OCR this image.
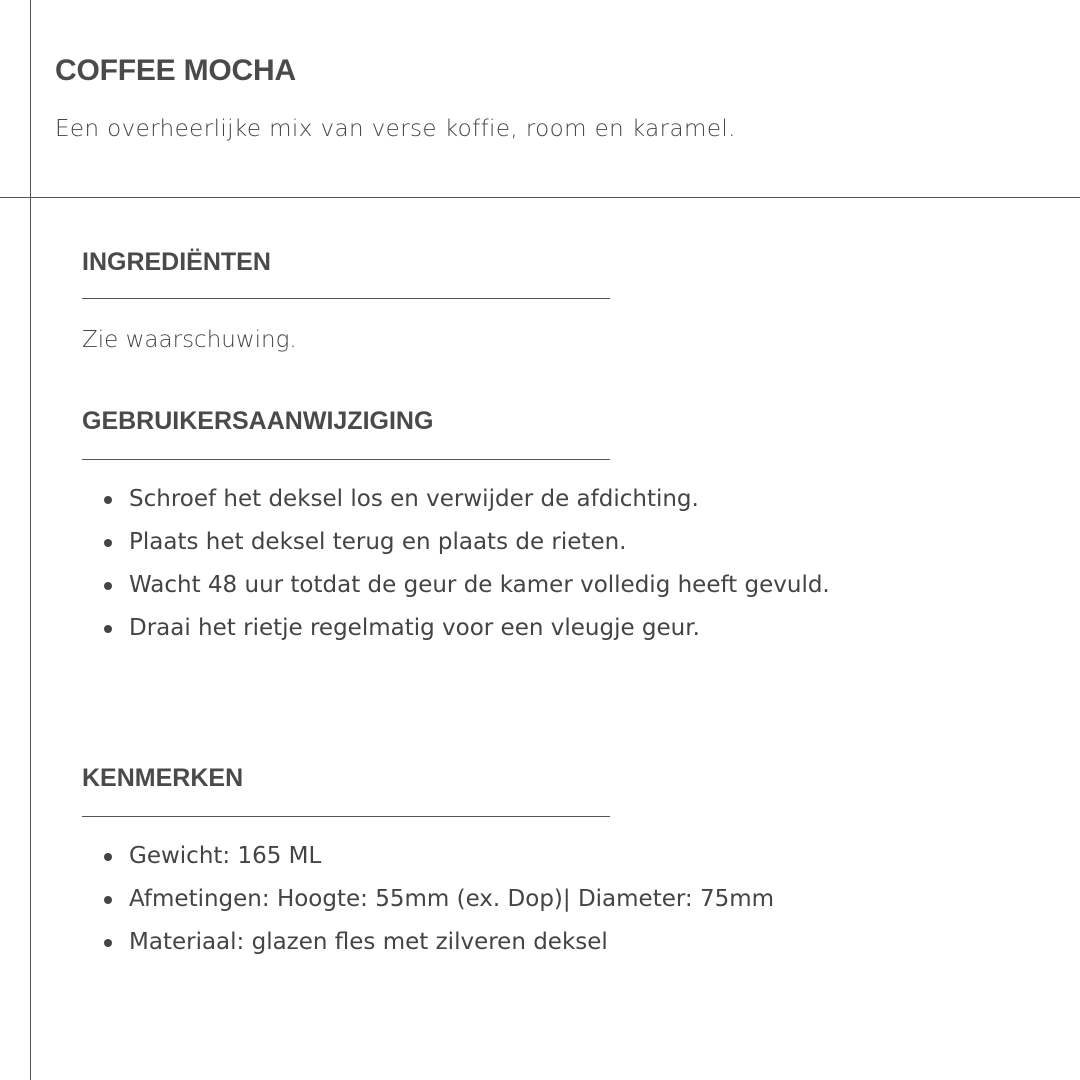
COFFEE MOCHA

Een overheerlijke mix van verse koffie, room en karamel.

INGREDIËNTEN

Zie waarschuwing.

GEBRUIKERSAANWIJZIGING
Schroef het deksel los en verwijder de afdichting.
Plaats het deksel terug en plaats de rieten.
Wacht 48 uur totdat de geur de kamer volledig heeft gevuld.
Draai het rietje regelmatig voor een vleugje geur.
KENMERKEN
Gewicht: 165 ML
Afmetingen: Hoogte: 55mm (ex. Dop)| Diameter: 75mm
Materiaal: glazen fles met zilveren deksel
